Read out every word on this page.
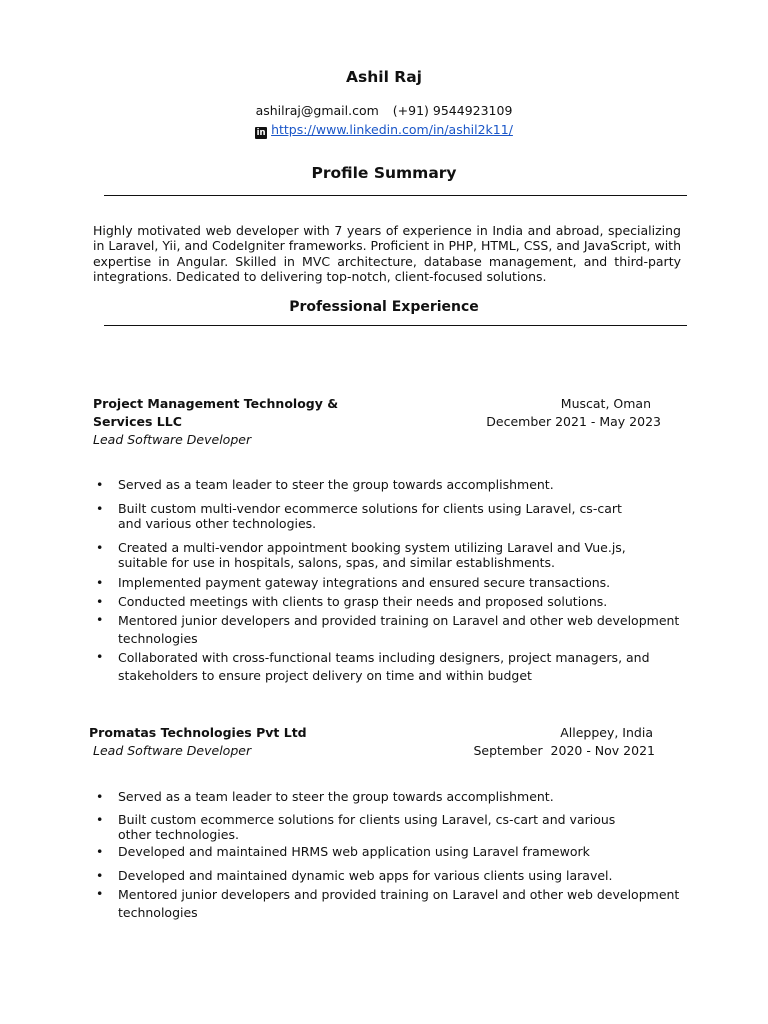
Ashil Raj
ashilraj@gmail.com (+91) 9544923109
in https://www.linkedin.com/in/ashil2k11/
Profile Summary
Highly motivated web developer with 7 years of experience in India and abroad, specializing in Laravel, Yii, and CodeIgniter frameworks. Proficient in PHP, HTML, CSS, and JavaScript, with expertise in Angular. Skilled in MVC architecture, database management, and third-party integrations. Dedicated to delivering top-notch, client-focused solutions.
Professional Experience
Project Management Technology &
Services LLC
Lead Software Developer
Muscat, Oman
December 2021 - May 2023
• Served as a team leader to steer the group towards accomplishment.
• Built custom multi-vendor ecommerce solutions for clients using Laravel, cs-cart and various other technologies.
• Created a multi-vendor appointment booking system utilizing Laravel and Vue.js, suitable for use in hospitals, salons, spas, and similar establishments.
• Implemented payment gateway integrations and ensured secure transactions.
• Conducted meetings with clients to grasp their needs and proposed solutions.
• Mentored junior developers and provided training on Laravel and other web development technologies
• Collaborated with cross-functional teams including designers, project managers, and stakeholders to ensure project delivery on time and within budget
Promatas Technologies Pvt Ltd
Lead Software Developer
Alleppey, India
September  2020 - Nov 2021
• Served as a team leader to steer the group towards accomplishment.
• Built custom ecommerce solutions for clients using Laravel, cs-cart and various other technologies.
• Developed and maintained HRMS web application using Laravel framework
• Developed and maintained dynamic web apps for various clients using laravel.
• Mentored junior developers and provided training on Laravel and other web development technologies
